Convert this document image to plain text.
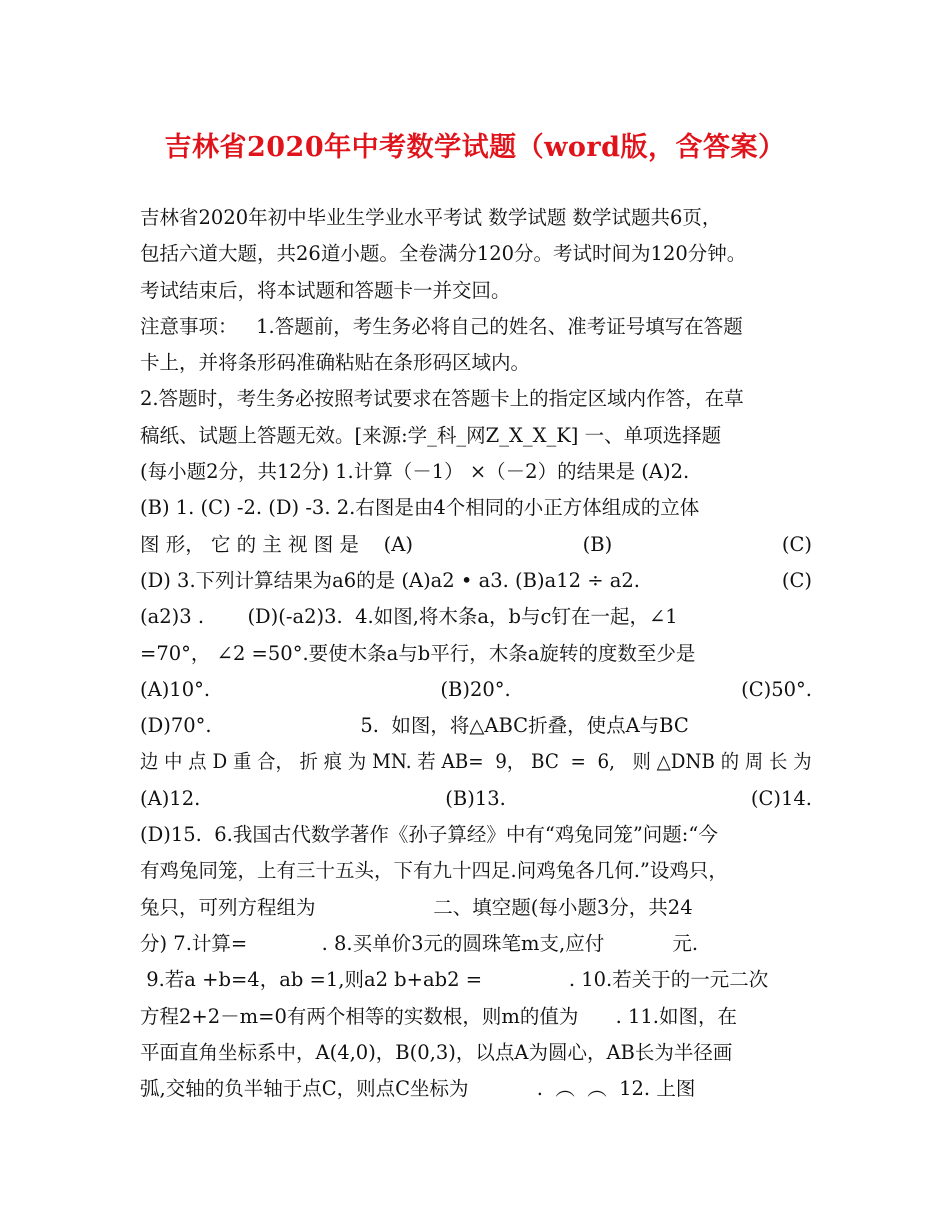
吉林省2020年中考数学试题（word版，含答案）
吉林省2020年初中毕业生学业水平考试 数学试题 数学试题共6页，
包括六道大题，共26道小题。全卷满分120分。考试时间为120分钟。
考试结束后，将本试题和答题卡一并交回。
注意事项：   1.答题前，考生务必将自己的姓名、准考证号填写在答题
卡上，并将条形码准确粘贴在条形码区域内。
2.答题时，考生务必按照考试要求在答题卡上的指定区域内作答，在草
稿纸、试题上答题无效。[来源:学_科_网Z_X_X_K] 一、单项选择题
(每小题2分，共12分) 1.计算（－1） ×（－2）的结果是 (A)2.
(B) 1. (C) -2. (D) -3. 2.右图是由4个相同的小正方体组成的立体
图 形， 它 的 主 视 图 是    (A)	(B)	(C)
(D) 3.下列计算结果为a6的是 (A)a2 • a3. (B)a12 ÷ a2.	(C)
(a2)3 .       (D)(-a2)3.  4.如图,将木条a，b与c钉在一起，∠1
=70°， ∠2 =50°.要使木条a与b平行，木条a旋转的度数至少是
(A)10°.	(B)20°.	(C)50°.
(D)70°.                        5.  如图，将△ABC折叠，使点A与BC
边 中 点 D 重 合， 折 痕 为 MN. 若 AB=  9， BC  =  6,   则 △DNB 的 周 长 为
(A)12.	(B)13.	(C)14.
(D)15.  6.我国古代数学著作《孙子算经》中有“鸡兔同笼”问题:“今
有鸡兔同笼，上有三十五头，下有九十四足.问鸡兔各几何.”设鸡只，
兔只，可列方程组为                   二、填空题(每小题3分，共24
分) 7.计算=            . 8.买单价3元的圆珠笔m支,应付           元.
9.若a +b=4，ab =1,则a2 b+ab2 =              . 10.若关于的一元二次
方程2+2－m=0有两个相等的实数根，则m的值为      . 11.如图，在
平面直角坐标系中，A(4,0)，B(0,3)，以点A为圆心，AB长为半径画
弧,交轴的负半轴于点C，则点C坐标为           .  ︵  ︵  12. 上图
